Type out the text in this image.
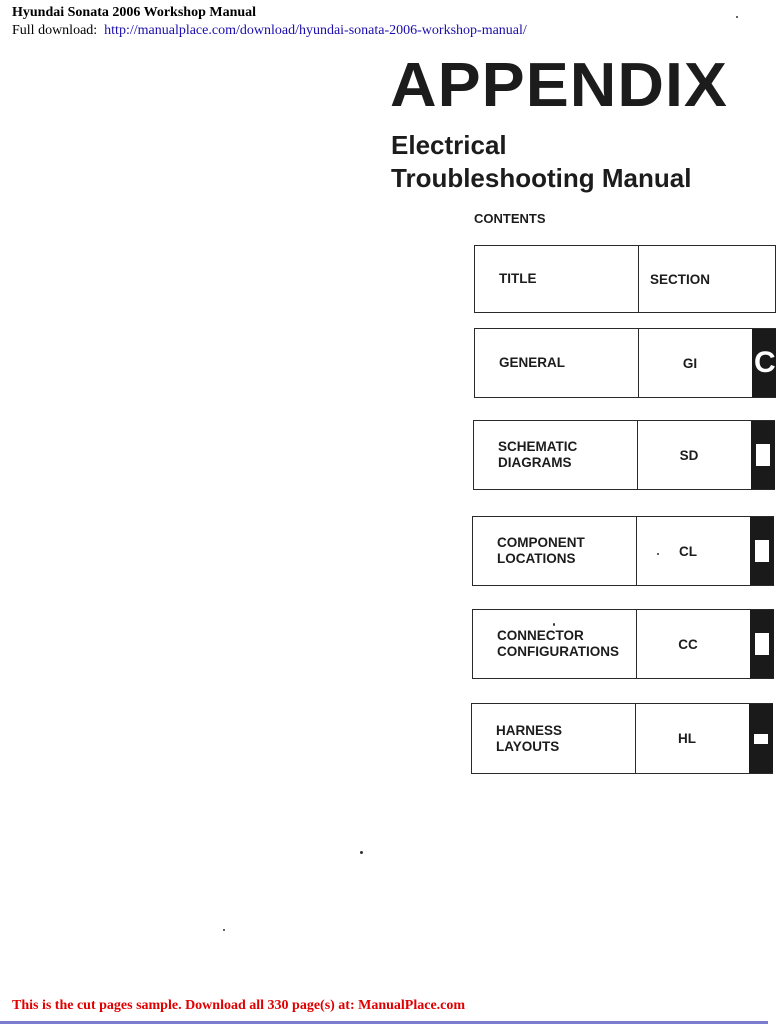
Hyundai Sonata 2006 Workshop Manual
Full download: http://manualplace.com/download/hyundai-sonata-2006-workshop-manual/
APPENDIX
Electrical
Troubleshooting Manual
CONTENTS
TITLE	SECTION
GENERAL	GI	C
SCHEMATIC
DIAGRAMS	SD
COMPONENT
LOCATIONS	CL
CONNECTOR
CONFIGURATIONS	CC
HARNESS
LAYOUTS	HL
This is the cut pages sample. Download all 330 page(s) at: ManualPlace.com
